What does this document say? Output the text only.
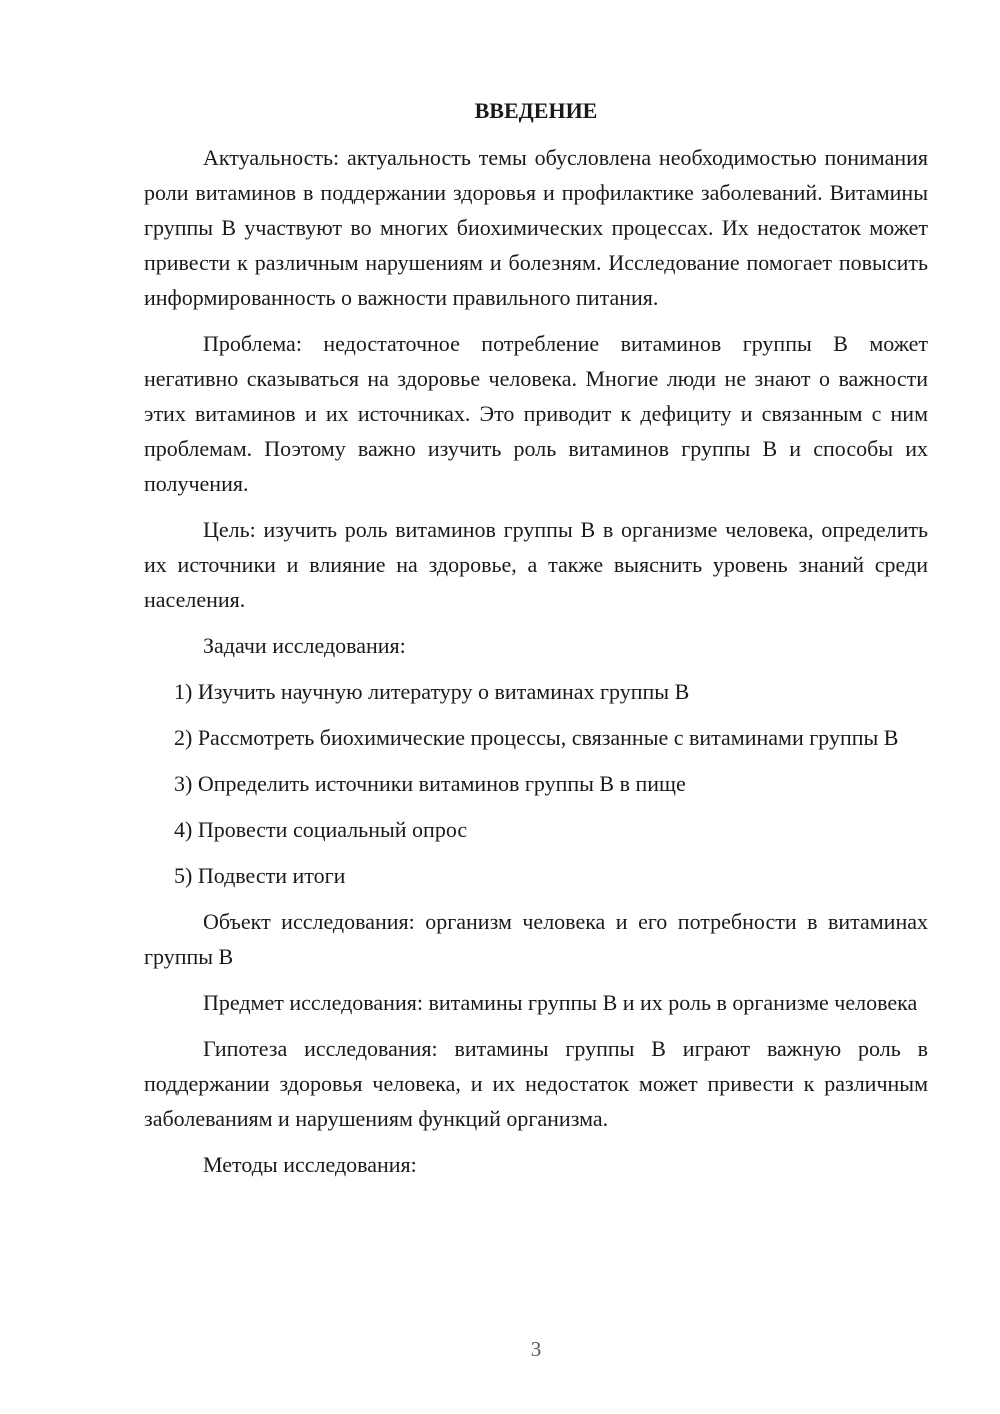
ВВЕДЕНИЕ

Актуальность: актуальность темы обусловлена необходимостью понимания роли витаминов в поддержании здоровья и профилактике заболеваний. Витамины группы В участвуют во многих биохимических процессах. Их недостаток может привести к различным нарушениям и болезням. Исследование помогает повысить информированность о важности правильного питания.

Проблема: недостаточное потребление витаминов группы В может негативно сказываться на здоровье человека. Многие люди не знают о важности этих витаминов и их источниках. Это приводит к дефициту и связанным с ним проблемам. Поэтому важно изучить роль витаминов группы В и способы их получения.

Цель: изучить роль витаминов группы В в организме человека, определить их источники и влияние на здоровье, а также выяснить уровень знаний среди населения.

Задачи исследования:

1) Изучить научную литературу о витаминах группы В

2) Рассмотреть биохимические процессы, связанные с витаминами группы В

3) Определить источники витаминов группы В в пище

4) Провести социальный опрос

5) Подвести итоги

Объект исследования: организм человека и его потребности в витаминах группы В

Предмет исследования: витамины группы В и их роль в организме человека

Гипотеза исследования: витамины группы В играют важную роль в поддержании здоровья человека, и их недостаток может привести к различным заболеваниям и нарушениям функций организма.

Методы исследования:

3
